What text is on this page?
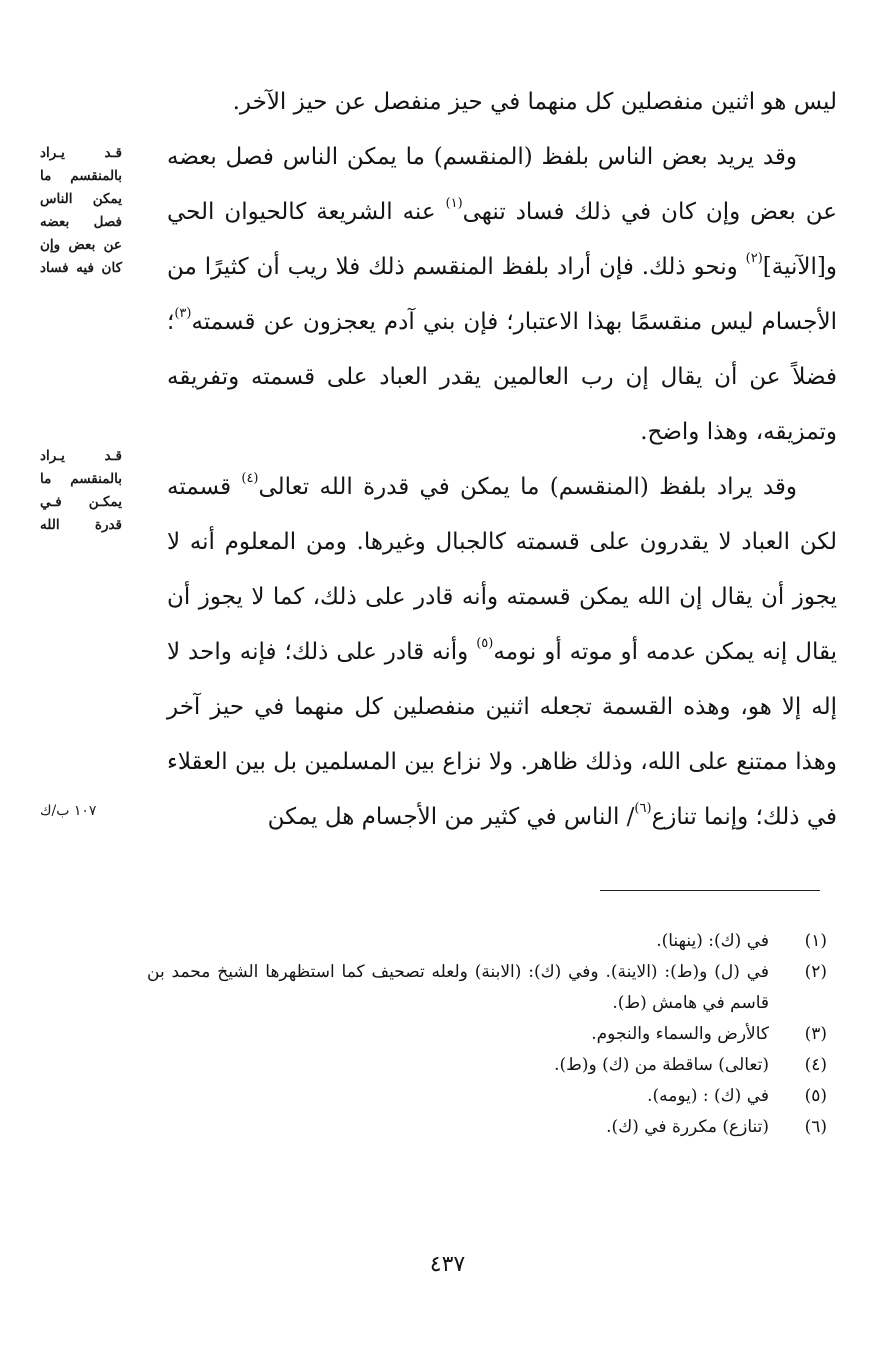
ليس هو اثنين منفصلين كل منهما في حيز منفصل عن حيز الآخر.

وقد يريد بعض الناس بلفظ (المنقسم) ما يمكن الناس فصل بعضه عن بعض وإن كان في ذلك فساد تنهى$^{(١)}$ عنه الشريعة كالحيوان الحي و[الآنية]$^{(٢)}$ ونحو ذلك. فإن أراد بلفظ المنقسم ذلك فلا ريب أن كثيرًا من الأجسام ليس منقسمًا بهذا الاعتبار؛ فإن بني آدم يعجزون عن قسمته$^{(٣)}$؛ فضلاً عن أن يقال إن رب العالمين يقدر العباد على قسمته وتفريقه وتمزيقه، وهذا واضح.

وقد يراد بلفظ (المنقسم) ما يمكن في قدرة الله تعالى$^{(٤)}$ قسمته لكن العباد لا يقدرون على قسمته كالجبال وغيرها. ومن المعلوم أنه لا يجوز أن يقال إن الله يمكن قسمته وأنه قادر على ذلك، كما لا يجوز أن يقال إنه يمكن عدمه أو موته أو نومه$^{(٥)}$ وأنه قادر على ذلك؛ فإنه واحد لا إله إلا هو، وهذه القسمة تجعله اثنين منفصلين كل منهما في حيز آخر وهذا ممتنع على الله، وذلك ظاهر. ولا نزاع بين المسلمين بل بين العقلاء في ذلك؛ وإنما تنازع$^{(٦)}$/ الناس في كثير من الأجسام هل يمكن

قـد يـراد بالمنقسم ما يمكن الناس فصل بعضه عن بعض وإن كان فيه فساد
قـد يـراد بالمنقسم ما يمكـن فـي قدرة الله
١٠٧ ب/ك
(١)
في (ك): (ينهنا).
(٢)
في (ل) و(ط): (الاينة). وفي (ك): (الابنة) ولعله تصحيف كما استظهرها الشيخ محمد بن قاسم في هامش (ط).
(٣)
كالأرض والسماء والنجوم.
(٤)
(تعالى) ساقطة من (ك) و(ط).
(٥)
في (ك) : (يومه).
(٦)
(تنازع) مكررة في (ك).
٤٣٧
